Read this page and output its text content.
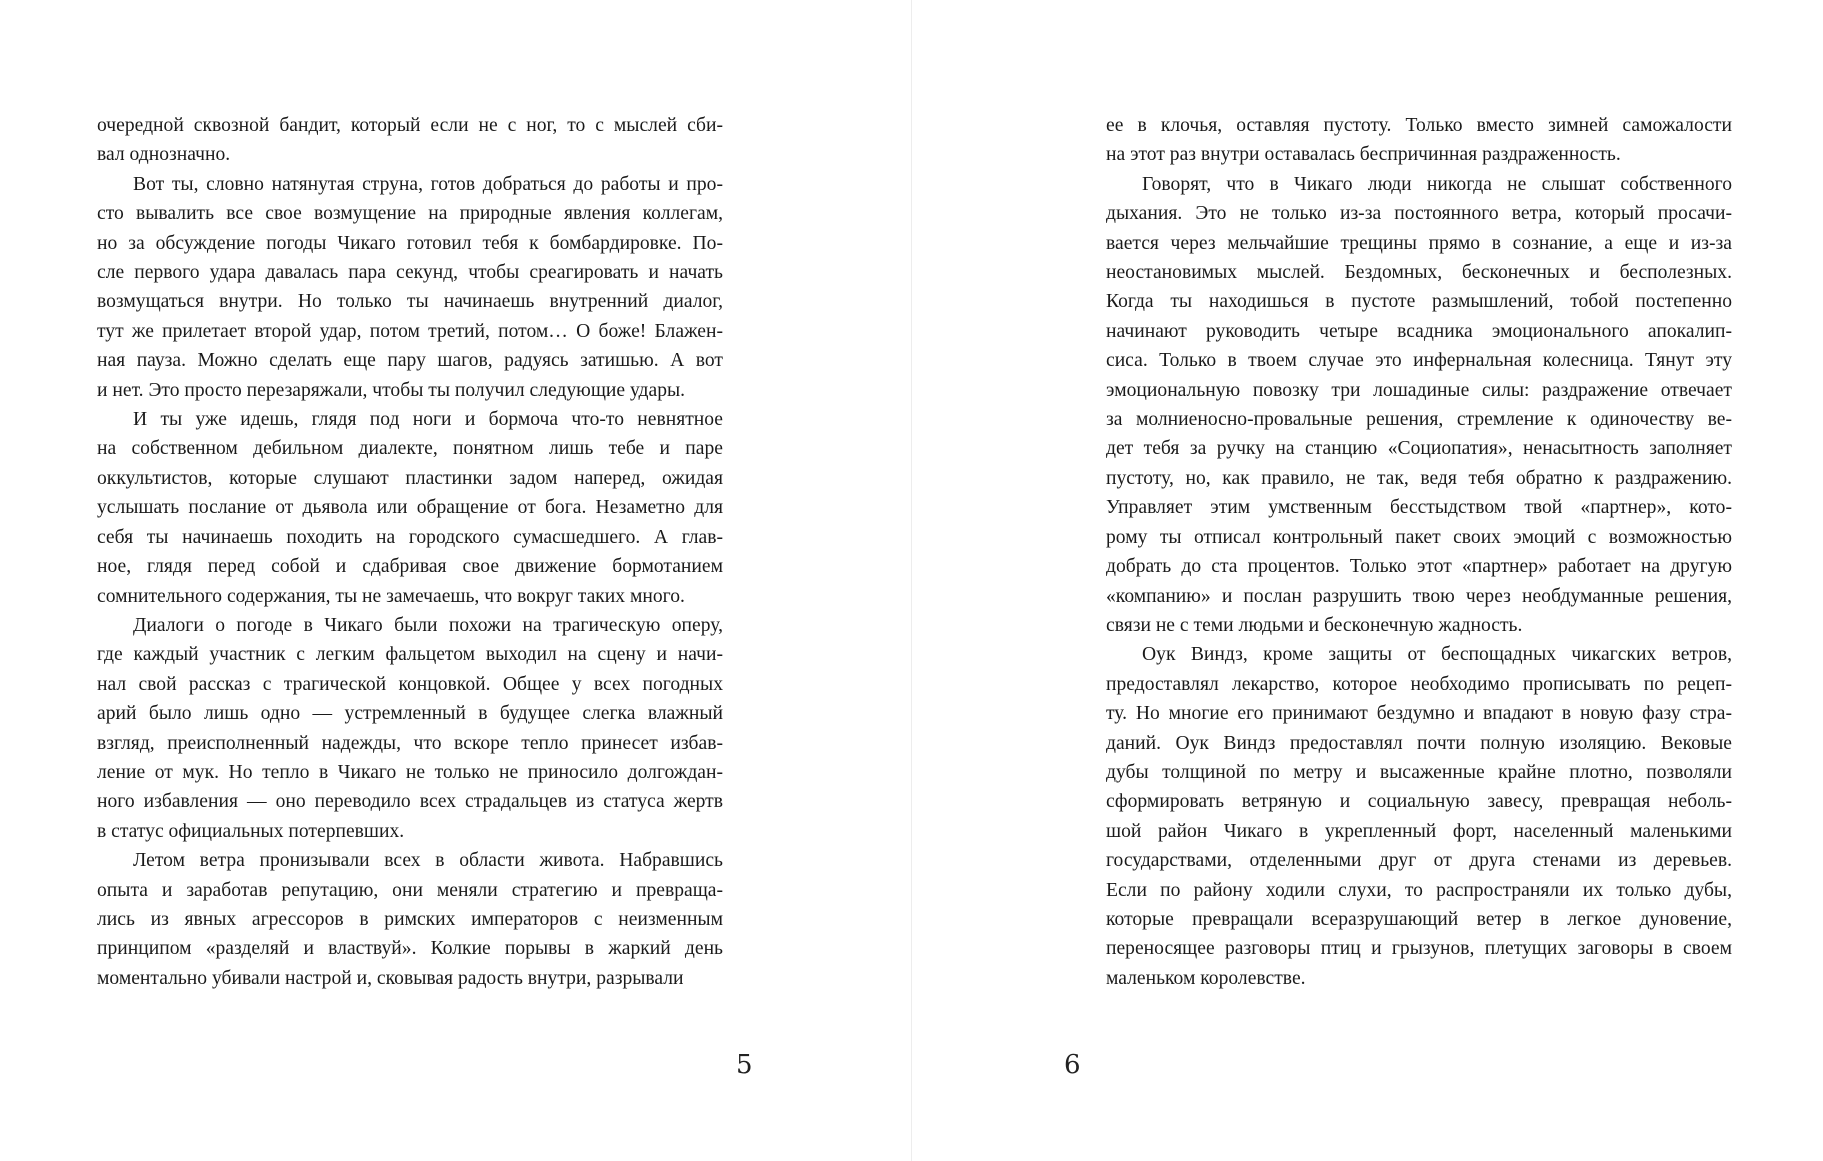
очередной сквозной бандит, который если не с ног, то с мыслей сби-
вал однозначно.
Вот ты, словно натянутая струна, готов добраться до работы и про-
сто вывалить все свое возмущение на природные явления коллегам,
но за обсуждение погоды Чикаго готовил тебя к бомбардировке. По-
сле первого удара давалась пара секунд, чтобы среагировать и начать
возмущаться внутри. Но только ты начинаешь внутренний диалог,
тут же прилетает второй удар, потом третий, потом… О боже! Блажен-
ная пауза. Можно сделать еще пару шагов, радуясь затишью. А вот
и нет. Это просто перезаряжали, чтобы ты получил следующие удары.
И ты уже идешь, глядя под ноги и бормоча что-то невнятное
на собственном дебильном диалекте, понятном лишь тебе и паре
оккультистов, которые слушают пластинки задом наперед, ожидая
услышать послание от дьявола или обращение от бога. Незаметно для
себя ты начинаешь походить на городского сумасшедшего. А глав-
ное, глядя перед собой и сдабривая свое движение бормотанием
сомнительного содержания, ты не замечаешь, что вокруг таких много.
Диалоги о погоде в Чикаго были похожи на трагическую оперу,
где каждый участник с легким фальцетом выходил на сцену и начи-
нал свой рассказ с трагической концовкой. Общее у всех погодных
арий было лишь одно — устремленный в будущее слегка влажный
взгляд, преисполненный надежды, что вскоре тепло принесет избав-
ление от мук. Но тепло в Чикаго не только не приносило долгождан-
ного избавления — оно переводило всех страдальцев из статуса жертв
в статус официальных потерпевших.
Летом ветра пронизывали всех в области живота. Набравшись
опыта и заработав репутацию, они меняли стратегию и превраща-
лись из явных агрессоров в римских императоров с неизменным
принципом «разделяй и властвуй». Колкие порывы в жаркий день
моментально убивали настрой и, сковывая радость внутри, разрывали
5
ее в клочья, оставляя пустоту. Только вместо зимней саможалости
на этот раз внутри оставалась беспричинная раздраженность.
Говорят, что в Чикаго люди никогда не слышат собственного
дыхания. Это не только из-за постоянного ветра, который просачи-
вается через мельчайшие трещины прямо в сознание, а еще и из-за
неостановимых мыслей. Бездомных, бесконечных и бесполезных.
Когда ты находишься в пустоте размышлений, тобой постепенно
начинают руководить четыре всадника эмоционального апокалип-
сиса. Только в твоем случае это инфернальная колесница. Тянут эту
эмоциональную повозку три лошадиные силы: раздражение отвечает
за молниеносно-провальные решения, стремление к одиночеству ве-
дет тебя за ручку на станцию «Социопатия», ненасытность заполняет
пустоту, но, как правило, не так, ведя тебя обратно к раздражению.
Управляет этим умственным бесстыдством твой «партнер», кото-
рому ты отписал контрольный пакет своих эмоций с возможностью
добрать до ста процентов. Только этот «партнер» работает на другую
«компанию» и послан разрушить твою через необдуманные решения,
связи не с теми людьми и бесконечную жадность.
Оук Виндз, кроме защиты от беспощадных чикагских ветров,
предоставлял лекарство, которое необходимо прописывать по рецеп-
ту. Но многие его принимают бездумно и впадают в новую фазу стра-
даний. Оук Виндз предоставлял почти полную изоляцию. Вековые
дубы толщиной по метру и высаженные крайне плотно, позволяли
сформировать ветряную и социальную завесу, превращая неболь-
шой район Чикаго в укрепленный форт, населенный маленькими
государствами, отделенными друг от друга стенами из деревьев.
Если по району ходили слухи, то распространяли их только дубы,
которые превращали всеразрушающий ветер в легкое дуновение,
переносящее разговоры птиц и грызунов, плетущих заговоры в своем
маленьком королевстве.
6
